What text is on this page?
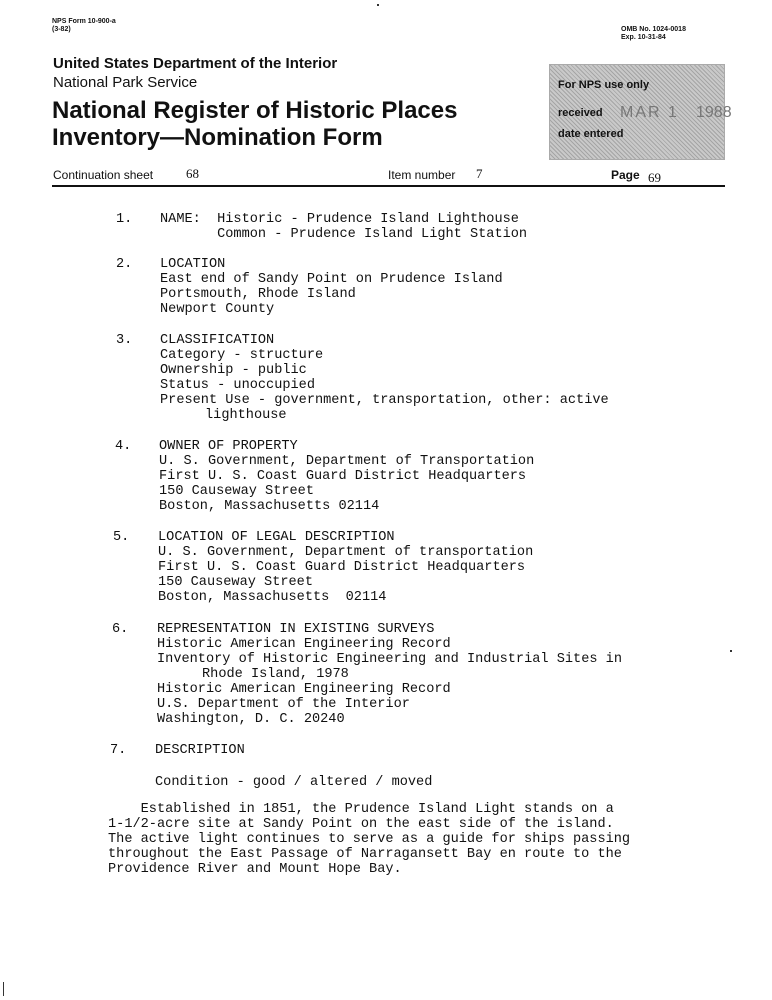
NPS Form 10-900-a
(3-82)	OMB No. 1024-0018
Exp. 10-31-84
United States Department of the Interior
National Park Service
National Register of Historic Places
Inventory—Nomination Form
For NPS use only
received MAR 1 1988
date entered
Continuation sheet	68	Item number 7	Page 69
1. NAME:  Historic - Prudence Island Lighthouse
Common - Prudence Island Light Station
2. LOCATION
East end of Sandy Point on Prudence Island
Portsmouth, Rhode Island
Newport County
3. CLASSIFICATION
Category - structure
Ownership - public
Status - unoccupied
Present Use - government, transportation, other: active
lighthouse
4. OWNER OF PROPERTY
U. S. Government, Department of Transportation
First U. S. Coast Guard District Headquarters
150 Causeway Street
Boston, Massachusetts 02114
5. LOCATION OF LEGAL DESCRIPTION
U. S. Government, Department of transportation
First U. S. Coast Guard District Headquarters
150 Causeway Street
Boston, Massachusetts  02114
6. REPRESENTATION IN EXISTING SURVEYS
Historic American Engineering Record
Inventory of Historic Engineering and Industrial Sites in
Rhode Island, 1978
Historic American Engineering Record
U.S. Department of the Interior
Washington, D. C. 20240
7. DESCRIPTION
Condition - good / altered / moved
Established in 1851, the Prudence Island Light stands on a
1-1/2-acre site at Sandy Point on the east side of the island.
The active light continues to serve as a guide for ships passing
throughout the East Passage of Narragansett Bay en route to the
Providence River and Mount Hope Bay.
